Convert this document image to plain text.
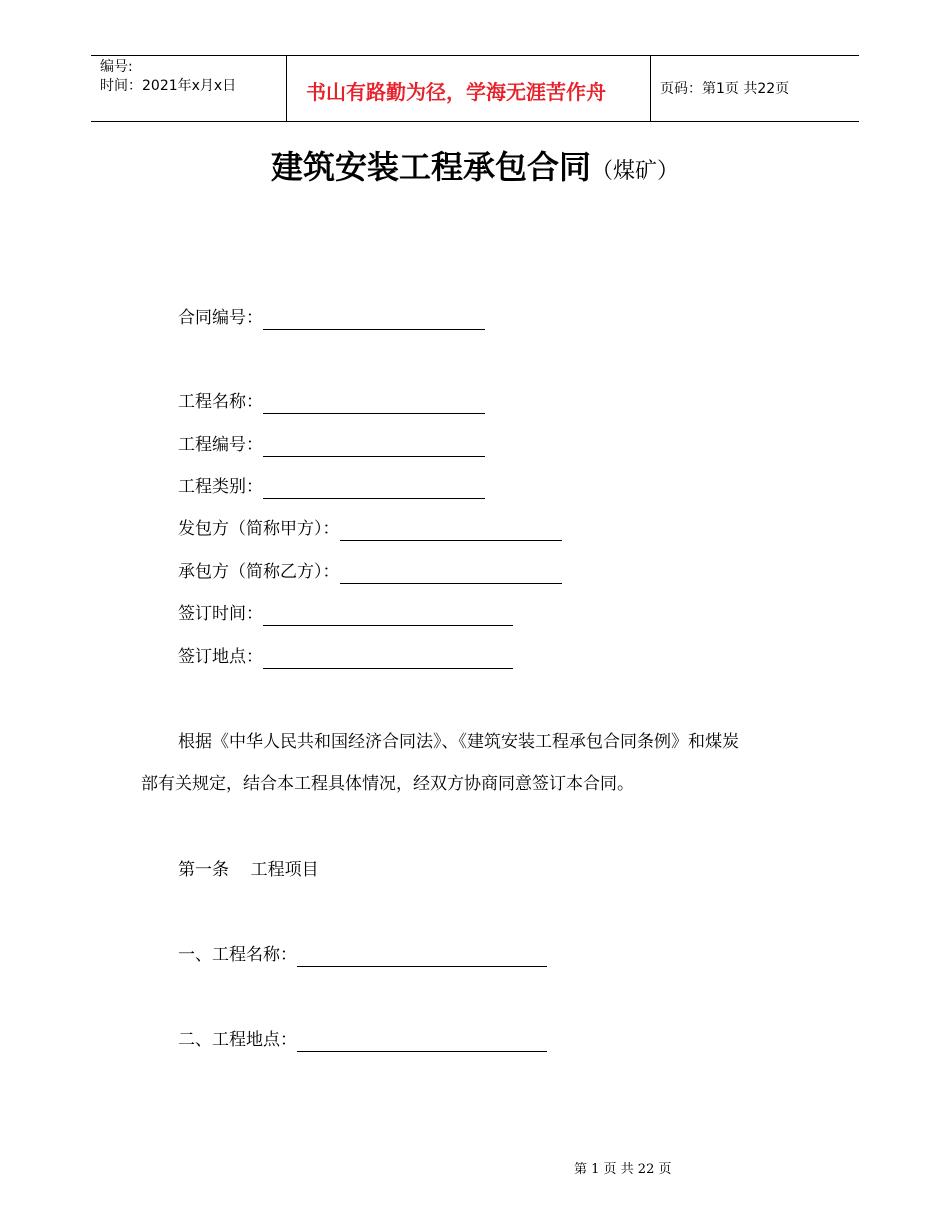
编号:
时间：2021年x月x日	书山有路勤为径，学海无涯苦作舟	页码：第1页 共22页
建筑安装工程承包合同（煤矿）
合同编号：
工程名称：
工程编号：
工程类别：
发包方（简称甲方）：
承包方（简称乙方）：
签订时间：
签订地点：
根据《中华人民共和国经济合同法》、《建筑安装工程承包合同条例》和煤炭
部有关规定，结合本工程具体情况，经双方协商同意签订本合同。
第一条    工程项目
一、工程名称：
二、工程地点：
第 1 页 共 22 页
